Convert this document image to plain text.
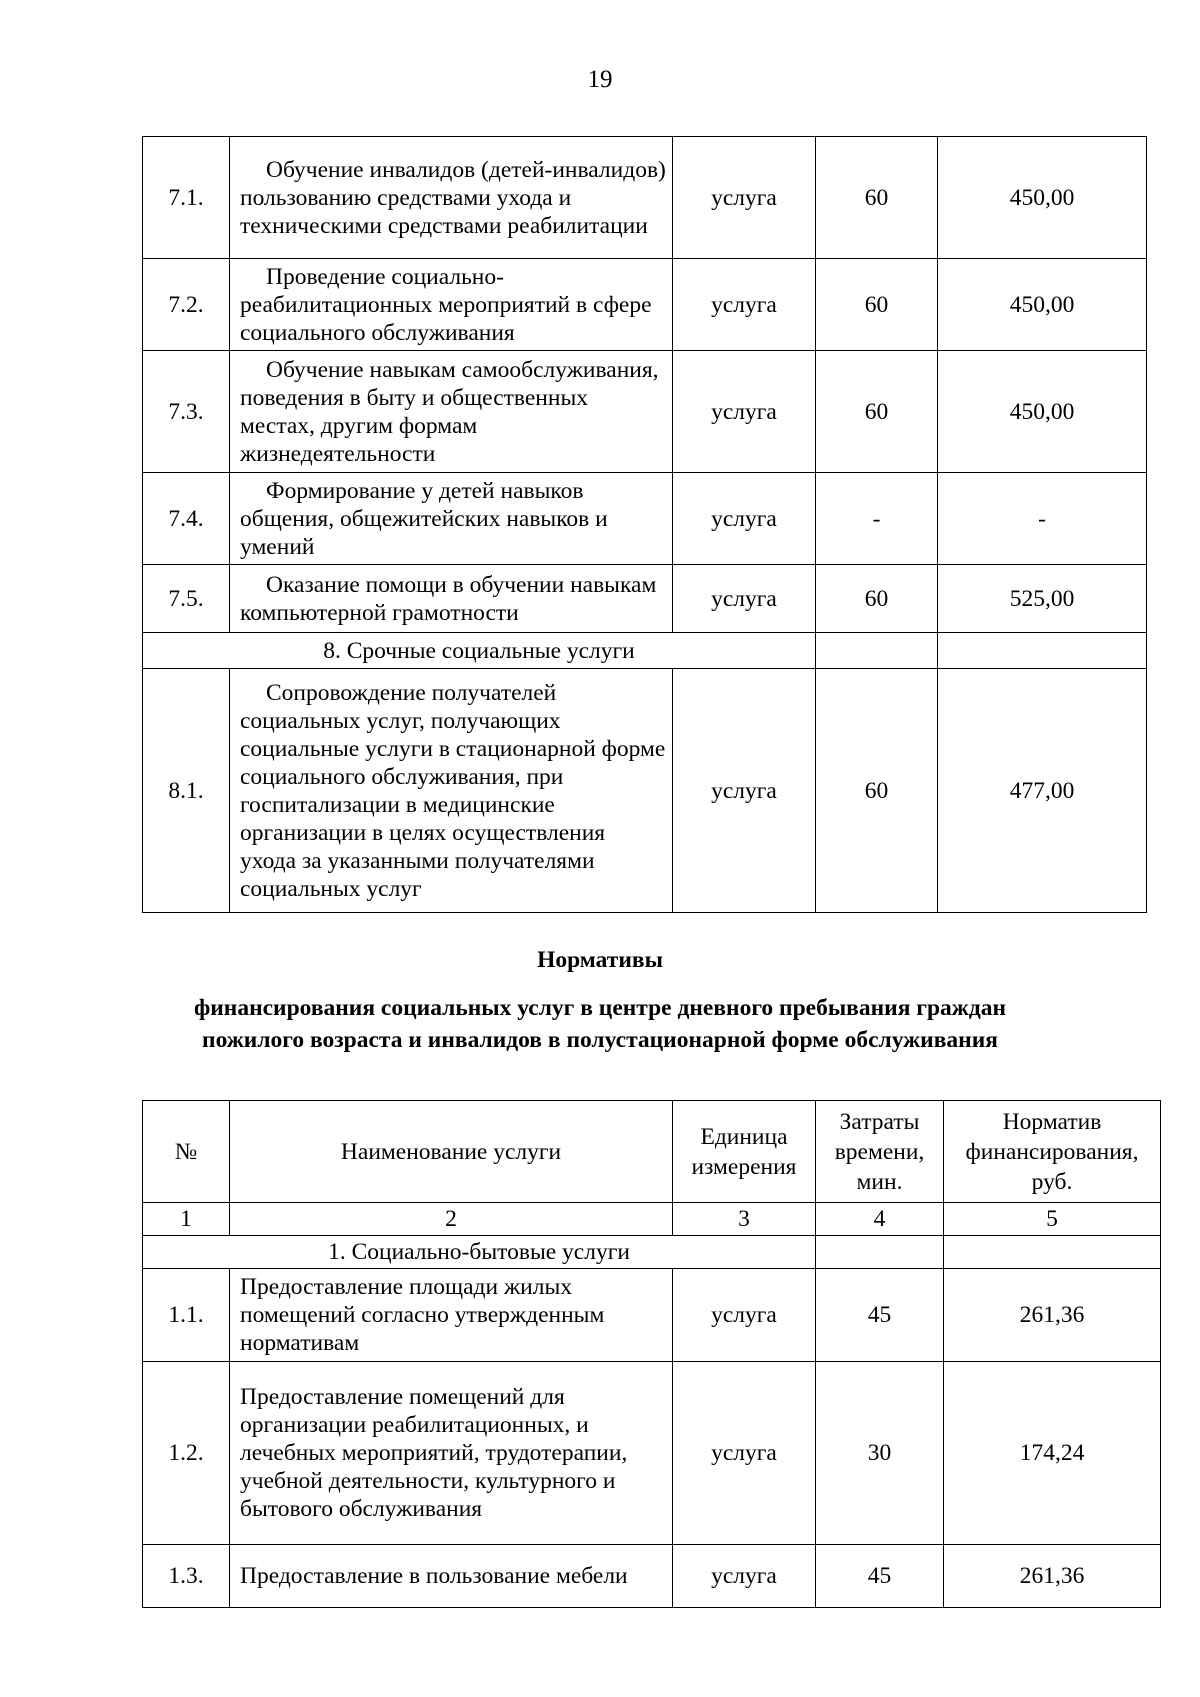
19
7.1.	Обучение инвалидов (детей-инвалидов) пользованию средствами ухода и техническими средствами реабилитации	услуга	60	450,00
7.2.	Проведение социально-реабилитационных мероприятий в сфере социального обслуживания	услуга	60	450,00
7.3.	Обучение навыкам самообслуживания, поведения в быту и общественных местах, другим формам жизнедеятельности	услуга	60	450,00
7.4.	Формирование у детей навыков общения, общежитейских навыков и умений	услуга	-	-
7.5.	Оказание помощи в обучении навыкам компьютерной грамотности	услуга	60	525,00
8. Срочные социальные услуги				
8.1.	Сопровождение получателей социальных услуг, получающих социальные услуги в стационарной форме социального обслуживания, при госпитализации в медицинские организации в целях осуществления ухода за указанными получателями социальных услуг	услуга	60	477,00
Нормативы
финансирования социальных услуг в центре дневного пребывания граждан
пожилого возраста и инвалидов в полустационарной форме обслуживания
№	Наименование услуги	Единица измерения	Затраты времени, мин.	Норматив финансирования, руб.
1	2	3	4	5
1. Социально-бытовые услуги				
1.1.	Предоставление площади жилых помещений согласно утвержденным нормативам	услуга	45	261,36
1.2.	Предоставление помещений для организации реабилитационных, и лечебных мероприятий, трудотерапии, учебной деятельности, культурного и бытового обслуживания	услуга	30	174,24
1.3.	Предоставление в пользование мебели	услуга	45	261,36
